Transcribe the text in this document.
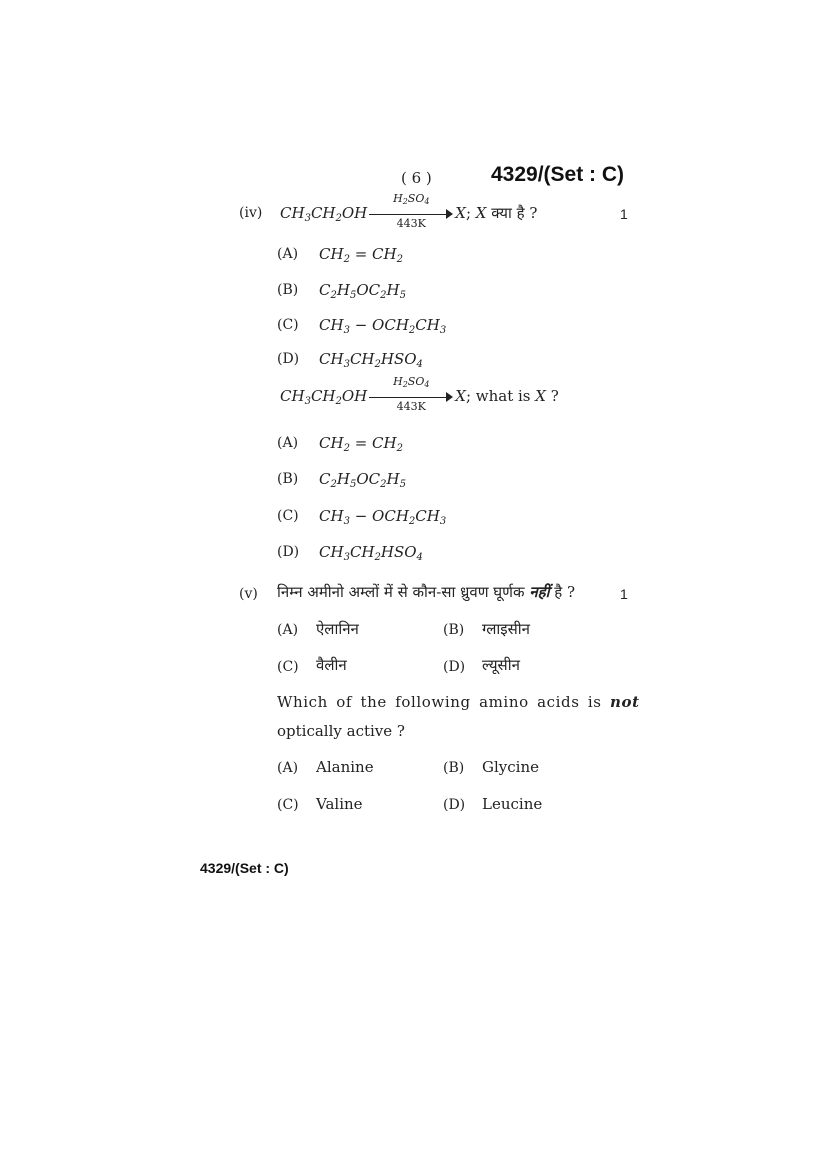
( 6 )	4329/(Set : C)
(iv) $CH_3CH_2OH$
$H_2SO_4$
443K
X; X क्या है ?	1
(A) $CH_2 = CH_2$
(B) $C_2H_5OC_2H_5$
(C) $CH_3 - OCH_2CH_3$
(D) $CH_3CH_2HSO_4$
$CH_3CH_2OH$
$H_2SO_4$
443K
X; what is X ?
(A) $CH_2 = CH_2$
(B) $C_2H_5OC_2H_5$
(C) $CH_3 - OCH_2CH_3$
(D) $CH_3CH_2HSO_4$
(v) निम्न अमीनो अम्लों में से कौन-सा ध्रुवण घूर्णक नहीं है ?	1
(A) ऐलानिन	(B) ग्लाइसीन
(C) वैलीन	(D) ल्यूसीन
Which of the following amino acids is not
optically active ?
(A) Alanine	(B) Glycine
(C) Valine	(D) Leucine
4329/(Set : C)
